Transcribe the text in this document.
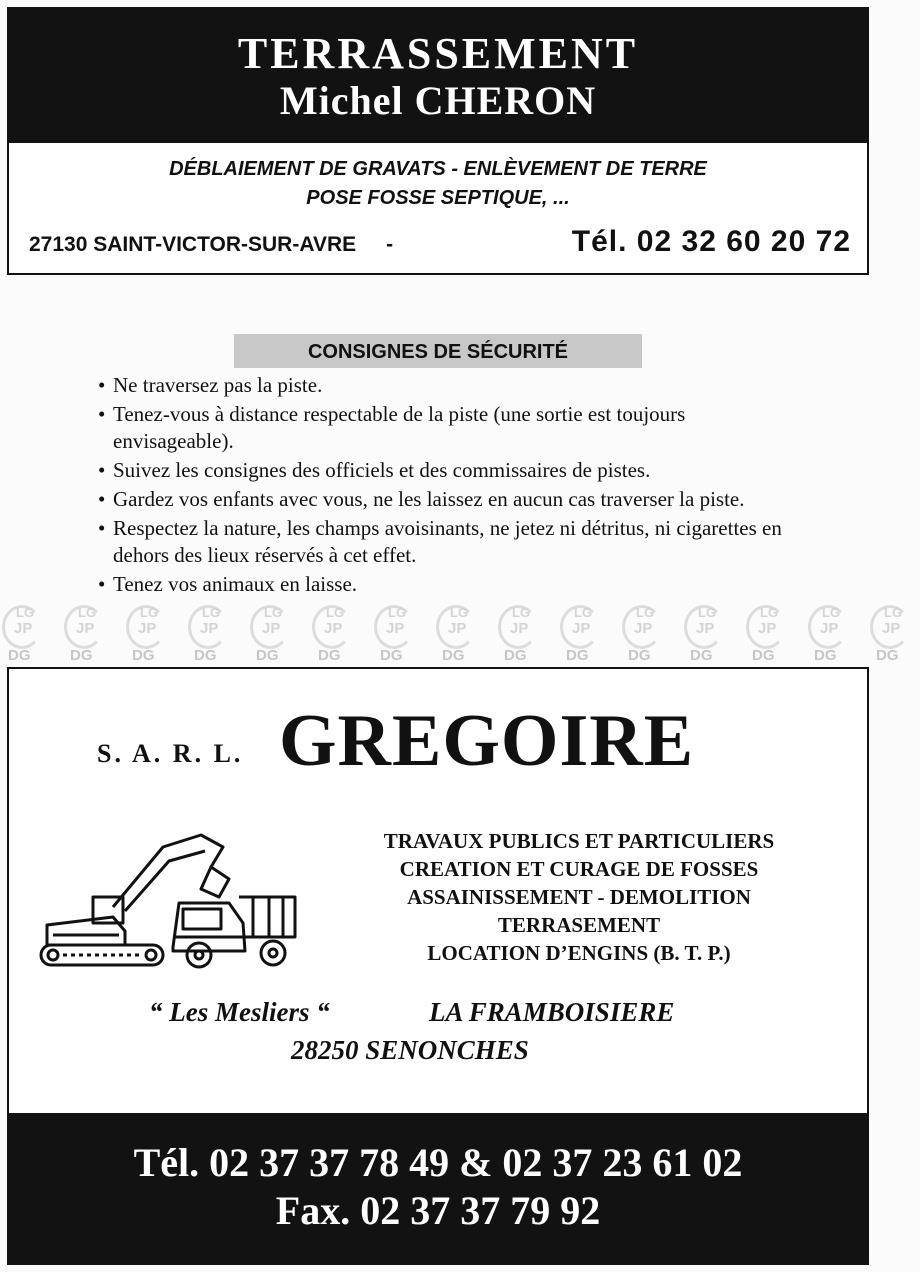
TERRASSEMENT
Michel CHERON
DÉBLAIEMENT DE GRAVATS - ENLÈVEMENT DE TERRE
POSE FOSSE SEPTIQUE, ...
27130 SAINT-VICTOR-SUR-AVRE -	Tél. 02 32 60 20 72
CONSIGNES DE SÉCURITÉ
• Ne traversez pas la piste.
• Tenez-vous à distance respectable de la piste (une sortie est toujours envisageable).
• Suivez les consignes des officiels et des commissaires de pistes.
• Gardez vos enfants avec vous, ne les laissez en aucun cas traverser la piste.
• Respectez la nature, les champs avoisinants, ne jetez ni détritus, ni cigarettes en dehors des lieux réservés à cet effet.
• Tenez vos animaux en laisse.
LG
JP
DG
LG
JP
DG
LG
JP
DG
LG
JP
DG
LG
JP
DG
LG
JP
DG
LG
JP
DG
LG
JP
DG
LG
JP
DG
LG
JP
DG
LG
JP
DG
LG
JP
DG
LG
JP
DG
LG
JP
DG
LG
JP
DG
S. A. R. L. GREGOIRE
TRAVAUX PUBLICS ET PARTICULIERS
CREATION ET CURAGE DE FOSSES
ASSAINISSEMENT - DEMOLITION
TERRASEMENT
LOCATION D’ENGINS (B. T. P.)
“ Les Mesliers “	LA FRAMBOISIERE
28250 SENONCHES
Tél. 02 37 37 78 49 & 02 37 23 61 02
Fax. 02 37 37 79 92
